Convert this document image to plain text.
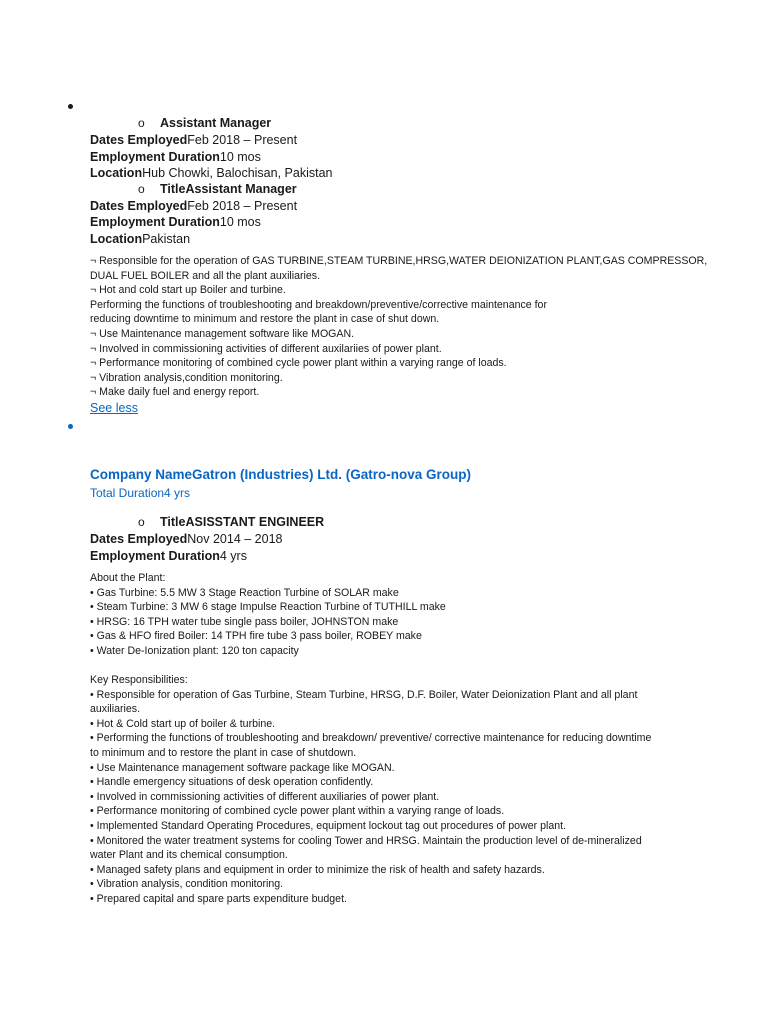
o Assistant Manager
Dates EmployedFeb 2018 – Present
Employment Duration10 mos
LocationHub Chowki, Balochisan, Pakistan
o TitleAssistant Manager
Dates EmployedFeb 2018 – Present
Employment Duration10 mos
LocationPakistan
¬ Responsible for the operation of GAS TURBINE,STEAM TURBINE,HRSG,WATER DEIONIZATION PLANT,GAS COMPRESSOR,
DUAL FUEL BOILER and all the plant auxiliaries.
¬ Hot and cold start up Boiler and turbine.
Performing the functions of troubleshooting and breakdown/preventive/corrective maintenance for
reducing downtime to minimum and restore the plant in case of shut down.
¬ Use Maintenance management software like MOGAN.
¬ Involved in commissioning activities of different auxilariies of power plant.
¬ Performance monitoring of combined cycle power plant within a varying range of loads.
¬ Vibration analysis,condition monitoring.
¬ Make daily fuel and energy report.
See less
Company NameGatron (Industries) Ltd. (Gatro-nova Group)
Total Duration4 yrs
o TitleASISSTANT ENGINEER
Dates EmployedNov 2014 – 2018
Employment Duration4 yrs
About the Plant:
• Gas Turbine: 5.5 MW 3 Stage Reaction Turbine of SOLAR make
• Steam Turbine: 3 MW 6 stage Impulse Reaction Turbine of TUTHILL make
• HRSG: 16 TPH water tube single pass boiler, JOHNSTON make
• Gas & HFO fired Boiler: 14 TPH fire tube 3 pass boiler, ROBEY make
• Water De-Ionization plant: 120 ton capacity
Key Responsibilities:
• Responsible for operation of Gas Turbine, Steam Turbine, HRSG, D.F. Boiler, Water Deionization Plant and all plant
auxiliaries.
• Hot & Cold start up of boiler & turbine.
• Performing the functions of troubleshooting and breakdown/ preventive/ corrective maintenance for reducing downtime
to minimum and to restore the plant in case of shutdown.
• Use Maintenance management software package like MOGAN.
• Handle emergency situations of desk operation confidently.
• Involved in commissioning activities of different auxiliaries of power plant.
• Performance monitoring of combined cycle power plant within a varying range of loads.
• Implemented Standard Operating Procedures, equipment lockout tag out procedures of power plant.
• Monitored the water treatment systems for cooling Tower and HRSG. Maintain the production level of de-mineralized
water Plant and its chemical consumption.
• Managed safety plans and equipment in order to minimize the risk of health and safety hazards.
• Vibration analysis, condition monitoring.
• Prepared capital and spare parts expenditure budget.
